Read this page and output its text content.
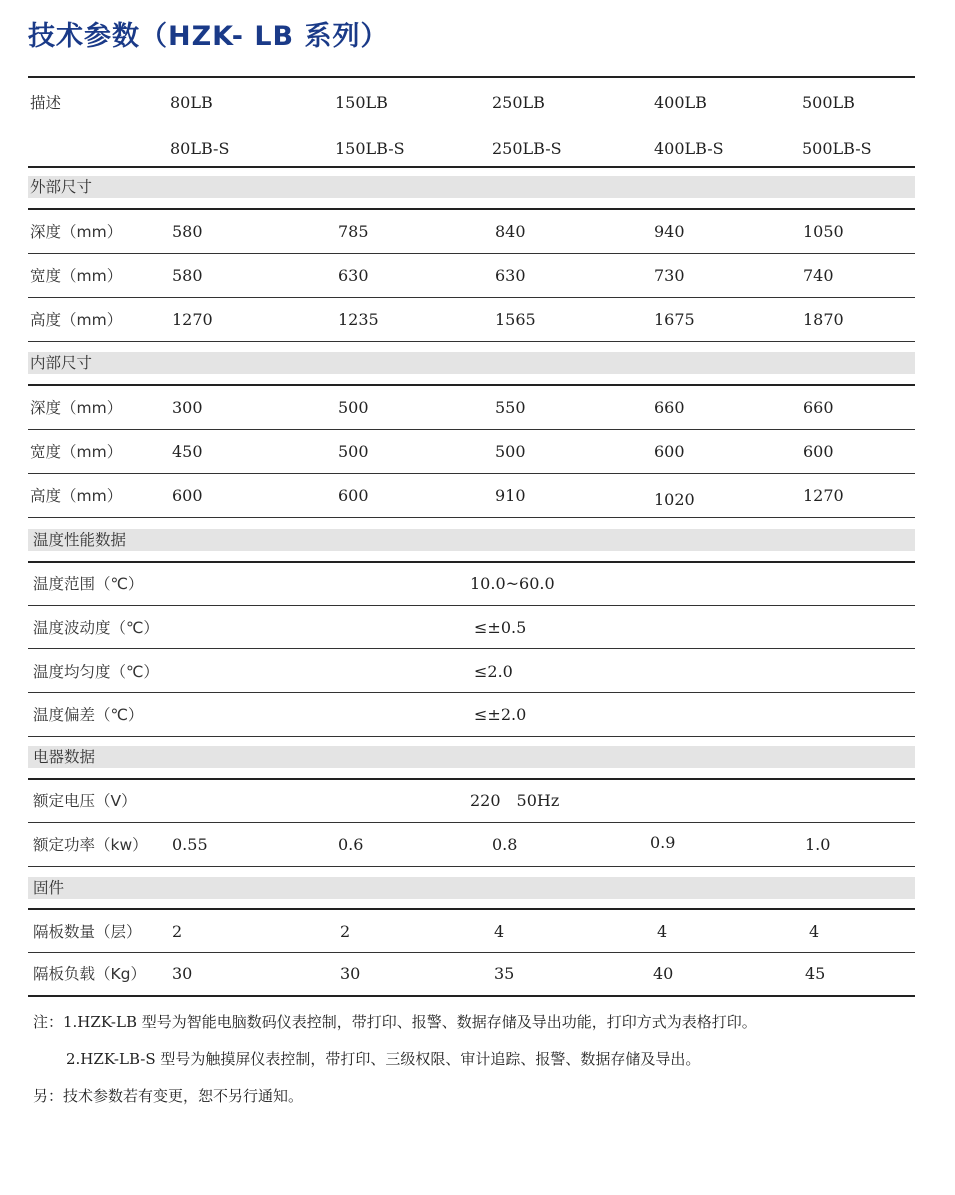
技术参数（HZK- LB 系列）
描述	80LB	150LB	250LB	400LB	500LB
80LB-S	150LB-S	250LB-S	400LB-S	500LB-S
外部尺寸
深度（mm）	580	785	840	940	1050
宽度（mm）	580	630	630	730	740
高度（mm）	1270	1235	1565	1675	1870
内部尺寸
深度（mm）	300	500	550	660	660
宽度（mm）	450	500	500	600	600
高度（mm）	600	600	910	1020	1270
温度性能数据
温度范围（℃）	10.0~60.0
温度波动度（℃）	≤±0.5
温度均匀度（℃）	≤2.0
温度偏差（℃）	≤±2.0
电器数据
额定电压（V）	220　50Hz
额定功率（kw） 0.55	0.6	0.8	0.9	1.0
固件
隔板数量（层） 2	2	4	4	4
隔板负载（Kg） 30	30	35	40	45
注：1.HZK-LB 型号为智能电脑数码仪表控制，带打印、报警、数据存储及导出功能，打印方式为表格打印。
2.HZK-LB-S 型号为触摸屏仪表控制，带打印、三级权限、审计追踪、报警、数据存储及导出。
另：技术参数若有变更，恕不另行通知。
